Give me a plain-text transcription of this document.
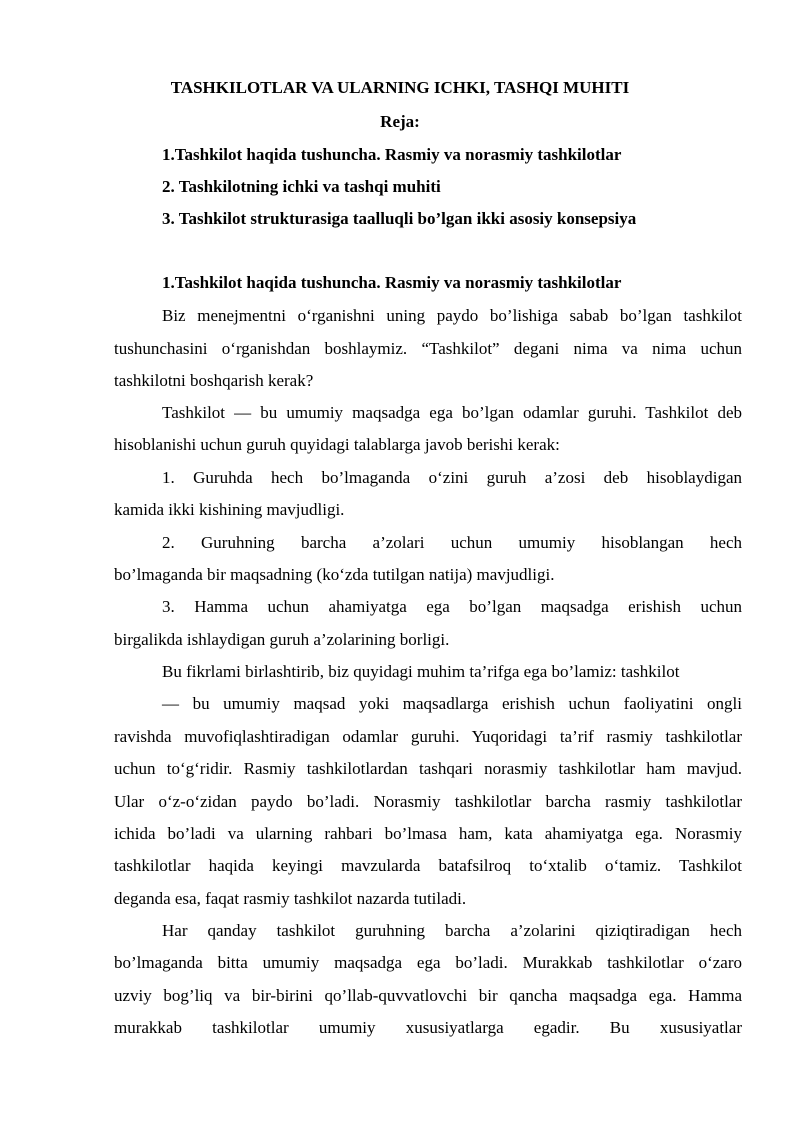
TASHKILOTLAR VA ULARNING ICHKI, TASHQI MUHITI
Reja:
1.Tashkilot haqida tushuncha. Rasmiy va norasmiy tashkilotlar
2. Tashkilotning ichki va tashqi muhiti
3. Tashkilot strukturasiga taalluqli bo’lgan ikki asosiy konsepsiya
1.Tashkilot haqida tushuncha. Rasmiy va norasmiy tashkilotlar
Biz menejmentni o‘rganishni uning paydo bo’lishiga sabab bo’lgan tashkilot
tushunchasini o‘rganishdan boshlaymiz. “Tashkilot” degani nima va nima uchun
tashkilotni boshqarish kerak?
Tashkilot — bu umumiy maqsadga ega bo’lgan odamlar guruhi. Tashkilot deb
hisoblanishi uchun guruh quyidagi talablarga javob berishi kerak:
1. Guruhda hech bo’lmaganda o‘zini guruh a’zosi deb hisoblaydigan
kamida ikki kishining mavjudligi.
2. Guruhning barcha a’zolari uchun umumiy hisoblangan hech
bo’lmaganda bir maqsadning (ko‘zda tutilgan natija) mavjudligi.
3. Hamma uchun ahamiyatga ega bo’lgan maqsadga erishish uchun
birgalikda ishlaydigan guruh a’zolarining borligi.
Bu fikrlami birlashtirib, biz quyidagi muhim ta’rifga ega bo’lamiz: tashkilot
— bu umumiy maqsad yoki maqsadlarga erishish uchun faoliyatini ongli
ravishda muvofiqlashtiradigan odamlar guruhi. Yuqoridagi ta’rif rasmiy tashkilotlar
uchun to‘g‘ridir. Rasmiy tashkilotlardan tashqari norasmiy tashkilotlar ham mavjud.
Ular o‘z-o‘zidan paydo bo’ladi. Norasmiy tashkilotlar barcha rasmiy tashkilotlar
ichida bo’ladi va ularning rahbari bo’lmasa ham, kata ahamiyatga ega. Norasmiy
tashkilotlar haqida keyingi mavzularda batafsilroq to‘xtalib o‘tamiz. Tashkilot
deganda esa, faqat rasmiy tashkilot nazarda tutiladi.
Har qanday tashkilot guruhning barcha a’zolarini qiziqtiradigan hech
bo’lmaganda bitta umumiy maqsadga ega bo’ladi. Murakkab tashkilotlar o‘zaro
uzviy bog’liq va bir-birini qo’llab-quvvatlovchi bir qancha maqsadga ega. Hamma
murakkab tashkilotlar umumiy xususiyatlarga egadir. Bu xususiyatlar
